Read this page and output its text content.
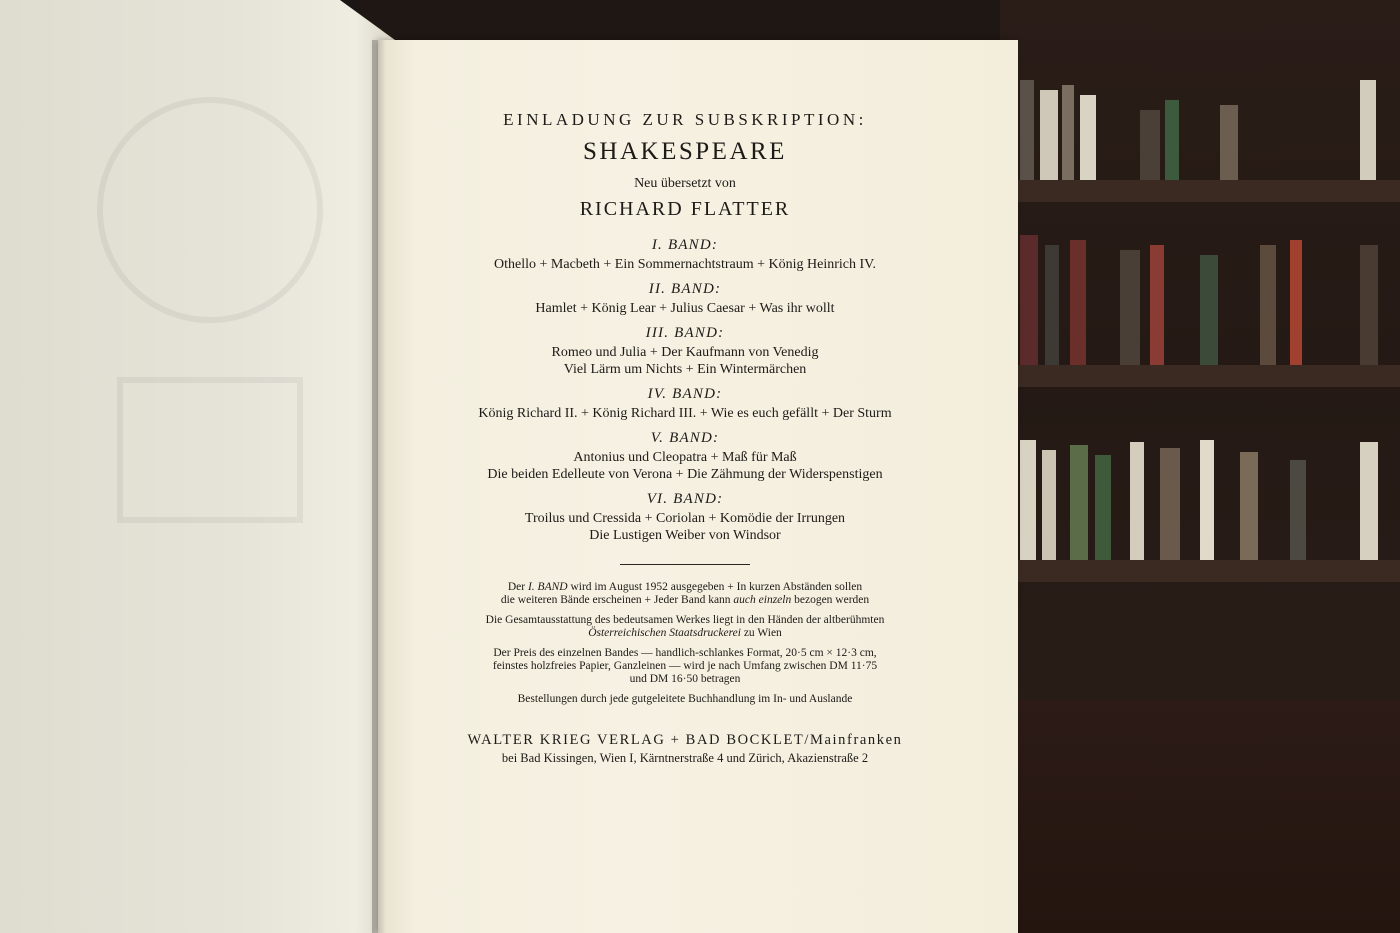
EINLADUNG ZUR SUBSKRIPTION:

SHAKESPEARE

Neu übersetzt von

RICHARD FLATTER

I. BAND:

Othello + Macbeth + Ein Sommernachtstraum + König Heinrich IV.

II. BAND:

Hamlet + König Lear + Julius Caesar + Was ihr wollt

III. BAND:

Romeo und Julia + Der Kaufmann von Venedig

Viel Lärm um Nichts + Ein Wintermärchen

IV. BAND:

König Richard II. + König Richard III. + Wie es euch gefällt + Der Sturm

V. BAND:

Antonius und Cleopatra + Maß für Maß

Die beiden Edelleute von Verona + Die Zähmung der Widerspenstigen

VI. BAND:

Troilus und Cressida + Coriolan + Komödie der Irrungen

Die Lustigen Weiber von Windsor

Der I. BAND wird im August 1952 ausgegeben + In kurzen Abständen sollen
die weiteren Bände erscheinen + Jeder Band kann auch einzeln bezogen werden

Die Gesamtausstattung des bedeutsamen Werkes liegt in den Händen der altberühmten
Österreichischen Staatsdruckerei zu Wien

Der Preis des einzelnen Bandes — handlich-schlankes Format, 20·5 cm × 12·3 cm,
feinstes holzfreies Papier, Ganzleinen — wird je nach Umfang zwischen DM 11·75
und DM 16·50 betragen

Bestellungen durch jede gutgeleitete Buchhandlung im In- und Auslande

WALTER KRIEG VERLAG + BAD BOCKLET/Mainfranken

bei Bad Kissingen, Wien I, Kärntnerstraße 4 und Zürich, Akazienstraße 2
